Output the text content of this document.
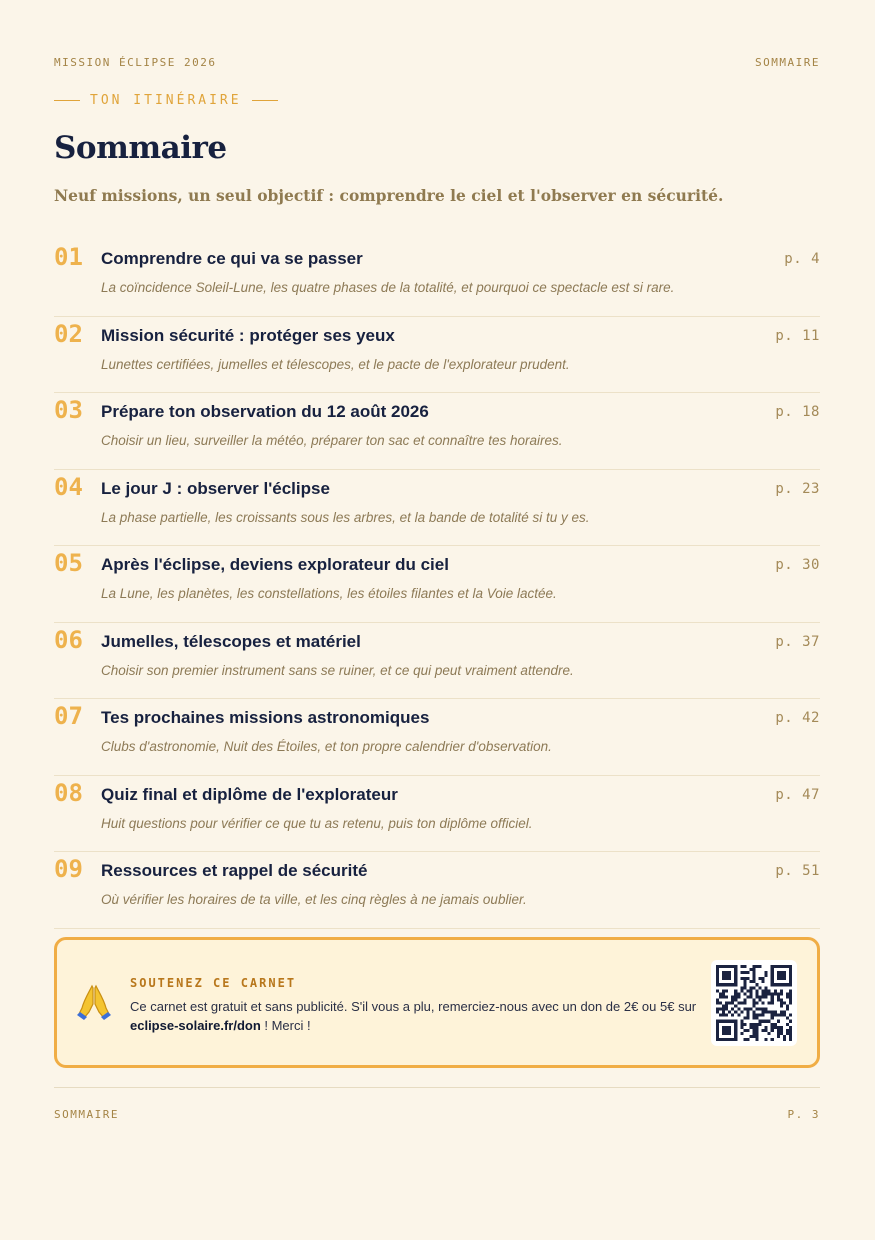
MISSION ÉCLIPSE 2026	SOMMAIRE
TON ITINÉRAIRE
Sommaire

Neuf missions, un seul objectif : comprendre le ciel et l'observer en sécurité.

01 Comprendre ce qui va se passer
La coïncidence Soleil-Lune, les quatre phases de la totalité, et pourquoi ce spectacle est si rare.
p. 4
02 Mission sécurité : protéger ses yeux
Lunettes certifiées, jumelles et télescopes, et le pacte de l'explorateur prudent.
p. 11
03 Prépare ton observation du 12 août 2026
Choisir un lieu, surveiller la météo, préparer ton sac et connaître tes horaires.
p. 18
04 Le jour J : observer l'éclipse
La phase partielle, les croissants sous les arbres, et la bande de totalité si tu y es.
p. 23
05 Après l'éclipse, deviens explorateur du ciel
La Lune, les planètes, les constellations, les étoiles filantes et la Voie lactée.
p. 30
06 Jumelles, télescopes et matériel
Choisir son premier instrument sans se ruiner, et ce qui peut vraiment attendre.
p. 37
07 Tes prochaines missions astronomiques
Clubs d'astronomie, Nuit des Étoiles, et ton propre calendrier d'observation.
p. 42
08 Quiz final et diplôme de l'explorateur
Huit questions pour vérifier ce que tu as retenu, puis ton diplôme officiel.
p. 47
09 Ressources et rappel de sécurité
Où vérifier les horaires de ta ville, et les cinq règles à ne jamais oublier.
p. 51
SOUTENEZ CE CARNET
Ce carnet est gratuit et sans publicité. S'il vous a plu, remerciez-nous avec un don de 2€ ou 5€ sur eclipse-solaire.fr/don ! Merci !
SOMMAIRE	P. 3
